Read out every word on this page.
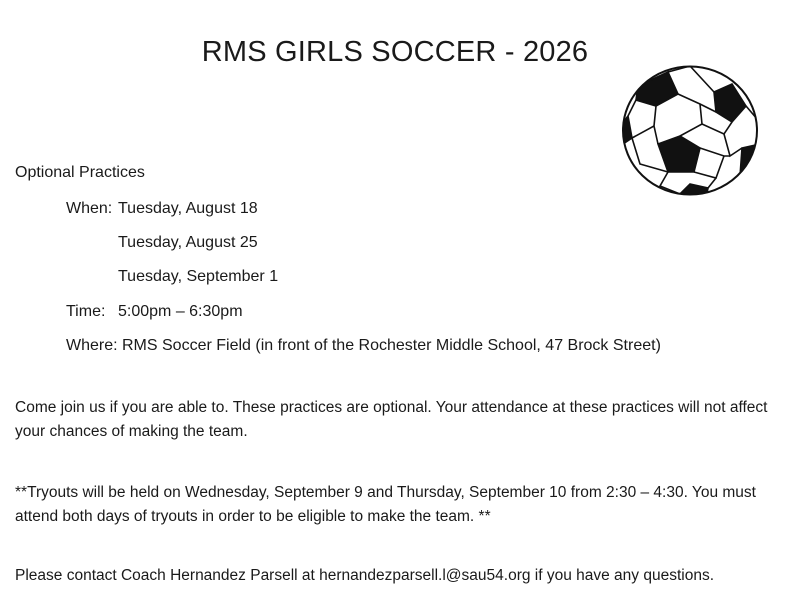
RMS GIRLS SOCCER - 2026
Optional Practices
When: Tuesday, August 18
Tuesday, August 25
Tuesday, September 1
Time: 5:00pm – 6:30pm
Where: RMS Soccer Field (in front of the Rochester Middle School, 47 Brock Street)
Come join us if you are able to. These practices are optional. Your attendance at these practices will not affect your chances of making the team.
**Tryouts will be held on Wednesday, September 9 and Thursday, September 10 from 2:30 – 4:30. You must attend both days of tryouts in order to be eligible to make the team. **
Please contact Coach Hernandez Parsell at hernandezparsell.l@sau54.org if you have any questions.
